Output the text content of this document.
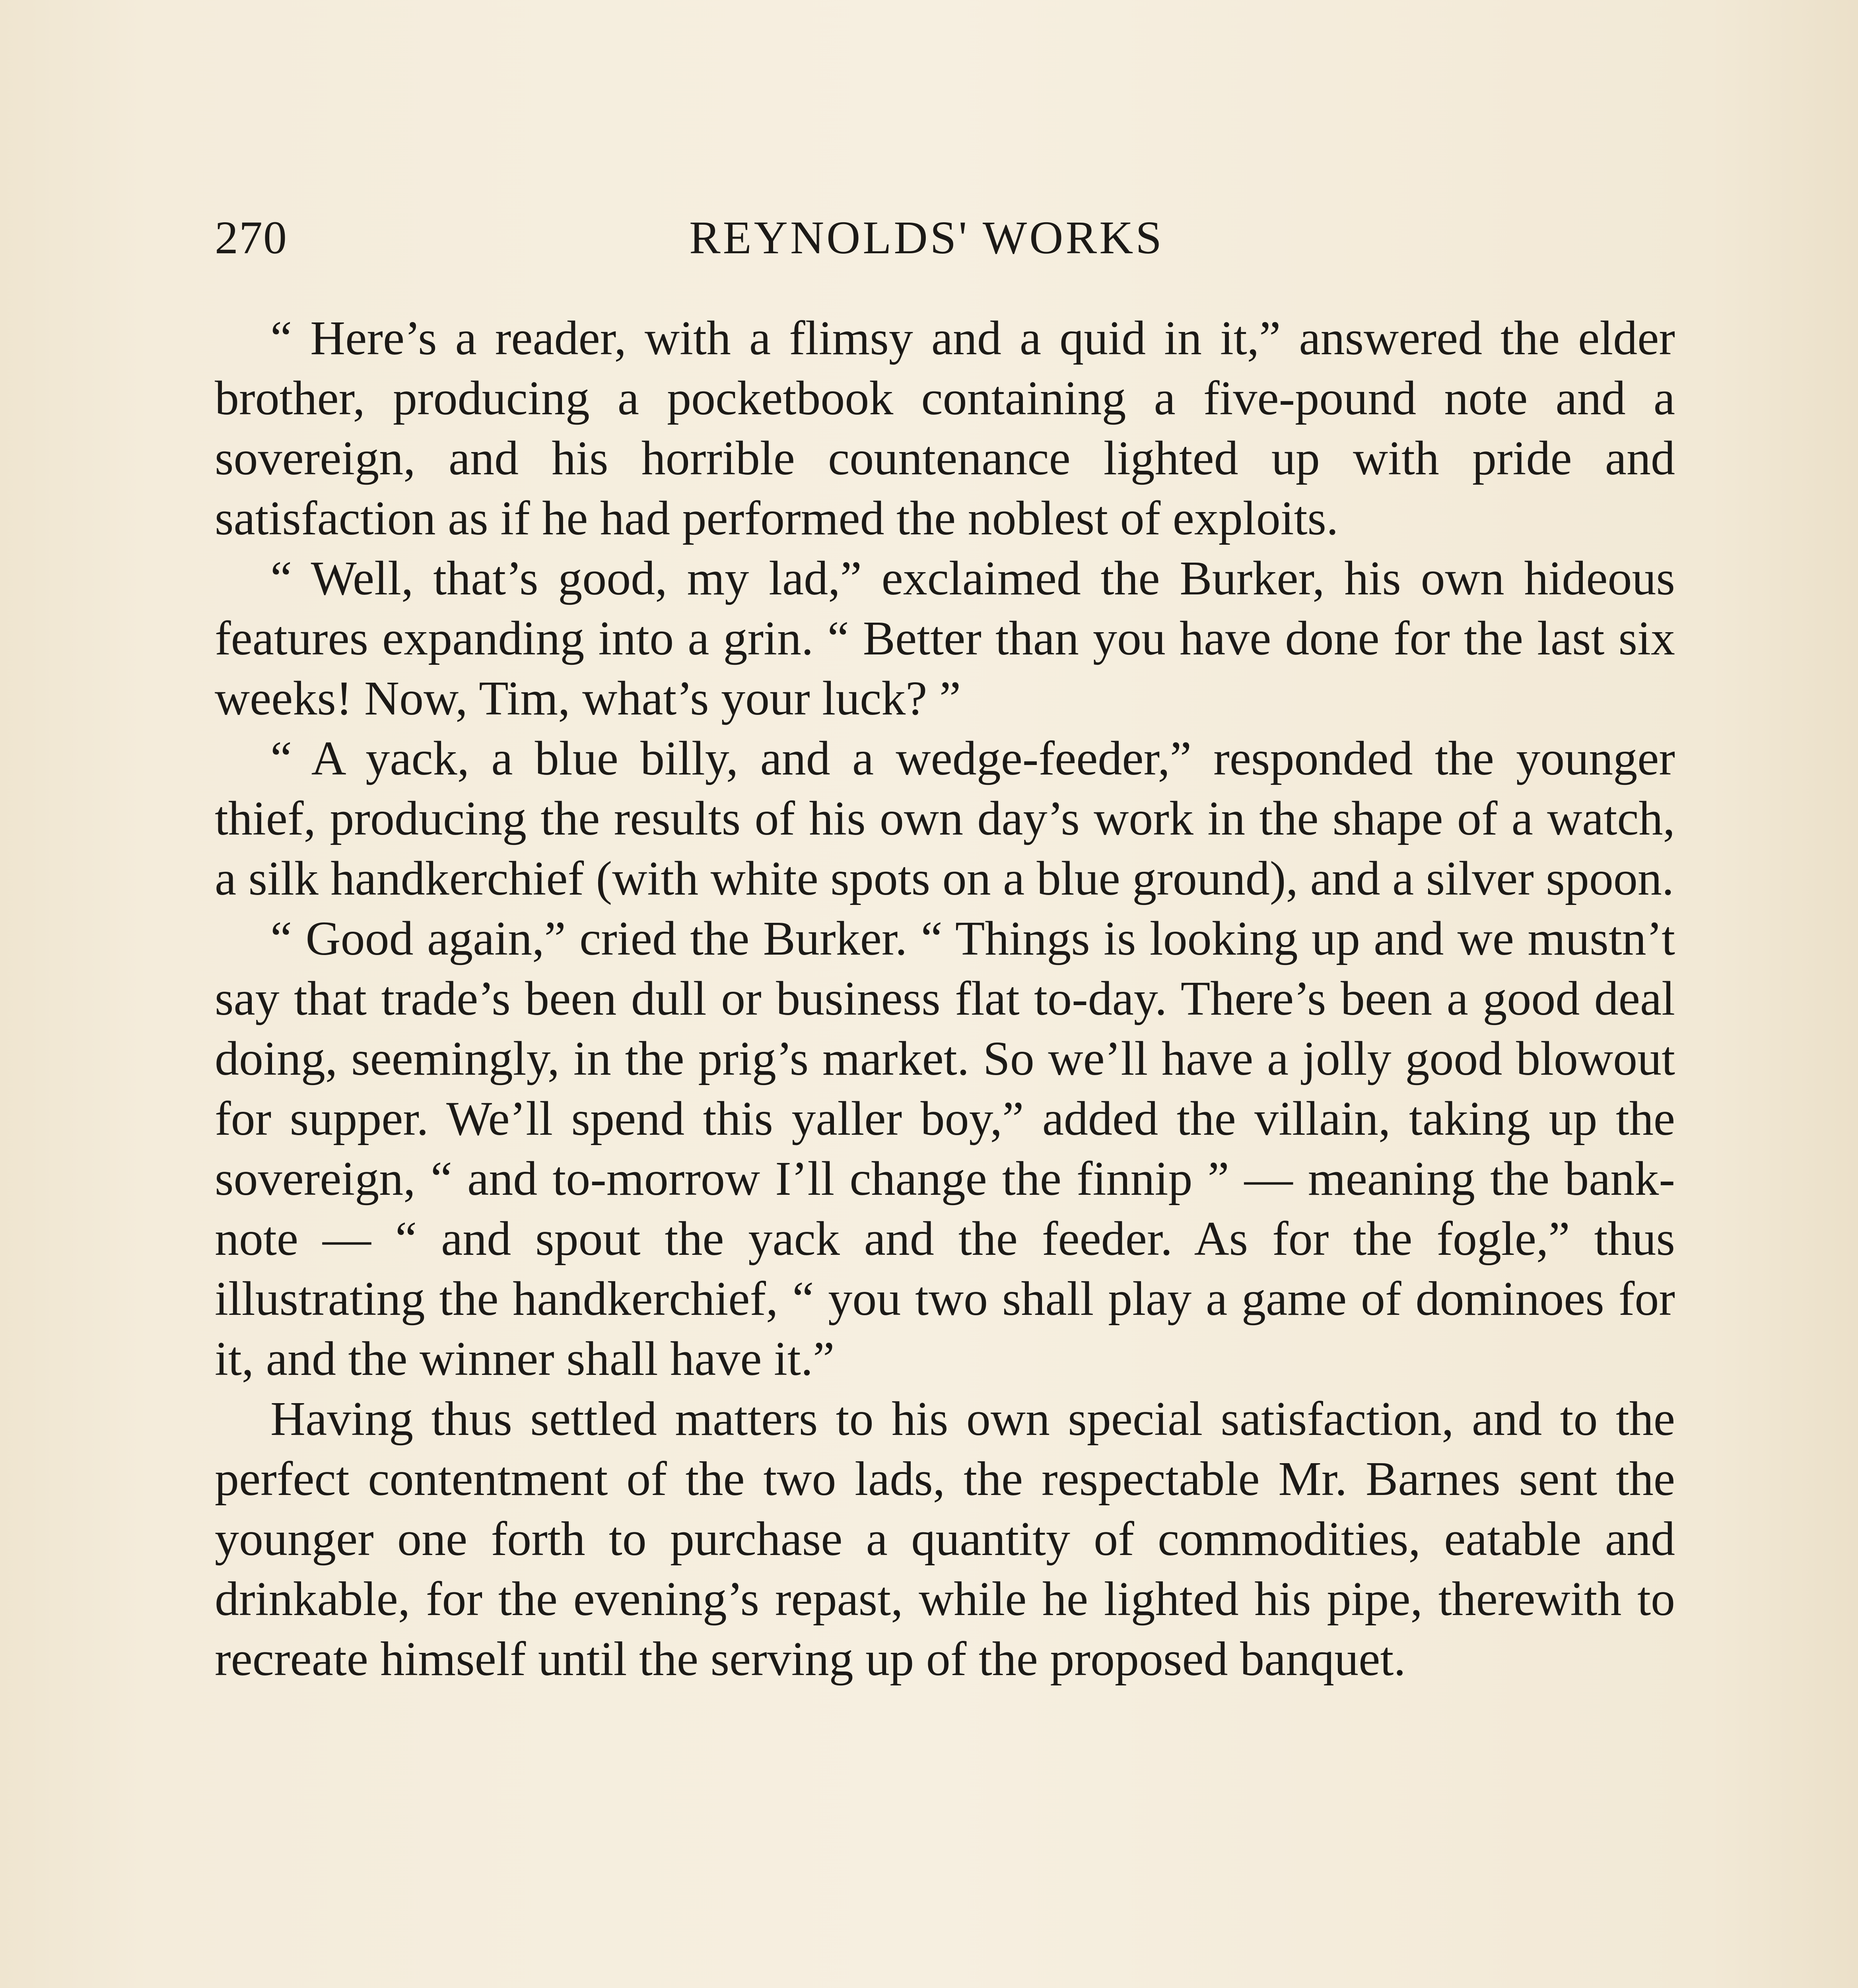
270	REYNOLDS' WORKS

“ Here’s a reader, with a flimsy and a quid in it,” answered the elder brother, producing a pocketbook containing a five-pound note and a sovereign, and his horrible countenance lighted up with pride and satisfaction as if he had performed the noblest of exploits.

“ Well, that’s good, my lad,” exclaimed the Burker, his own hideous features expanding into a grin. “ Better than you have done for the last six weeks! Now, Tim, what’s your luck? ”

“ A yack, a blue billy, and a wedge-feeder,” responded the younger thief, producing the results of his own day’s work in the shape of a watch, a silk handkerchief (with white spots on a blue ground), and a silver spoon.

“ Good again,” cried the Burker. “ Things is looking up and we mustn’t say that trade’s been dull or business flat to-day. There’s been a good deal doing, seemingly, in the prig’s market. So we’ll have a jolly good blowout for supper. We’ll spend this yaller boy,” added the villain, taking up the sovereign, “ and to-morrow I’ll change the finnip ” — meaning the bank-note — “ and spout the yack and the feeder. As for the fogle,” thus illustrating the handkerchief, “ you two shall play a game of dominoes for it, and the winner shall have it.”

Having thus settled matters to his own special satisfaction, and to the perfect contentment of the two lads, the respectable Mr. Barnes sent the younger one forth to purchase a quantity of commodities, eatable and drinkable, for the evening’s repast, while he lighted his pipe, therewith to recreate himself until the serving up of the proposed banquet.
